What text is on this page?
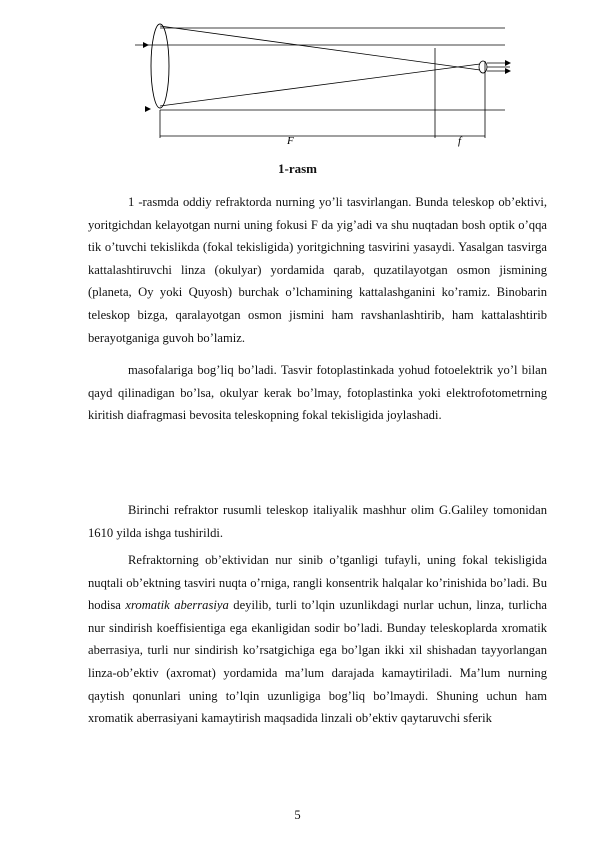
F	f
1-rasm

1 -rasmda oddiy refraktorda nurning yo’li tasvirlangan. Bunda teleskop ob’ektivi, yoritgichdan kelayotgan nurni uning fokusi F da yig’adi va shu nuqtadan bosh optik o’qqa tik o’tuvchi tekislikda (fokal tekisligida) yoritgichning tasvirini yasaydi. Yasalgan tasvirga kattalashtiruvchi linza (okulyar) yordamida qarab, quzatilayotgan osmon jismining (planeta, Oy yoki Quyosh) burchak o’lchamining kattalashganini ko’ramiz. Binobarin teleskop bizga, qaralayotgan osmon jismini ham ravshanlashtirib, ham kattalashtirib berayotganiga guvoh bo’lamiz.

masofalariga bog’liq bo’ladi. Tasvir fotoplastinkada yohud fotoelektrik yo’l bilan qayd qilinadigan bo’lsa, okulyar kerak bo’lmay, fotoplastinka yoki elektrofotometrning kiritish diafragmasi bevosita teleskopning fokal tekisligida joylashadi.

Birinchi refraktor rusumli teleskop italiyalik mashhur olim G.Galiley tomonidan 1610 yilda ishga tushirildi.

Refraktorning ob’ektividan nur sinib o’tganligi tufayli, uning fokal tekisligida nuqtali ob’ektning tasviri nuqta o’rniga, rangli konsentrik halqalar ko’rinishida bo’ladi. Bu hodisa xromatik aberrasiya deyilib, turli to’lqin uzunlikdagi nurlar uchun, linza, turlicha nur sindirish koeffisientiga ega ekanligidan sodir bo’ladi. Bunday teleskoplarda xromatik aberrasiya, turli nur sindirish ko’rsatgichiga ega bo’lgan ikki xil shishadan tayyorlangan linza-ob’ektiv (axromat) yordamida ma’lum darajada kamaytiriladi. Ma’lum nurning qaytish qonunlari uning to’lqin uzunligiga bog’liq bo’lmaydi. Shuning uchun ham xromatik aberrasiyani kamaytirish maqsadida linzali ob’ektiv qaytaruvchi sferik

5
